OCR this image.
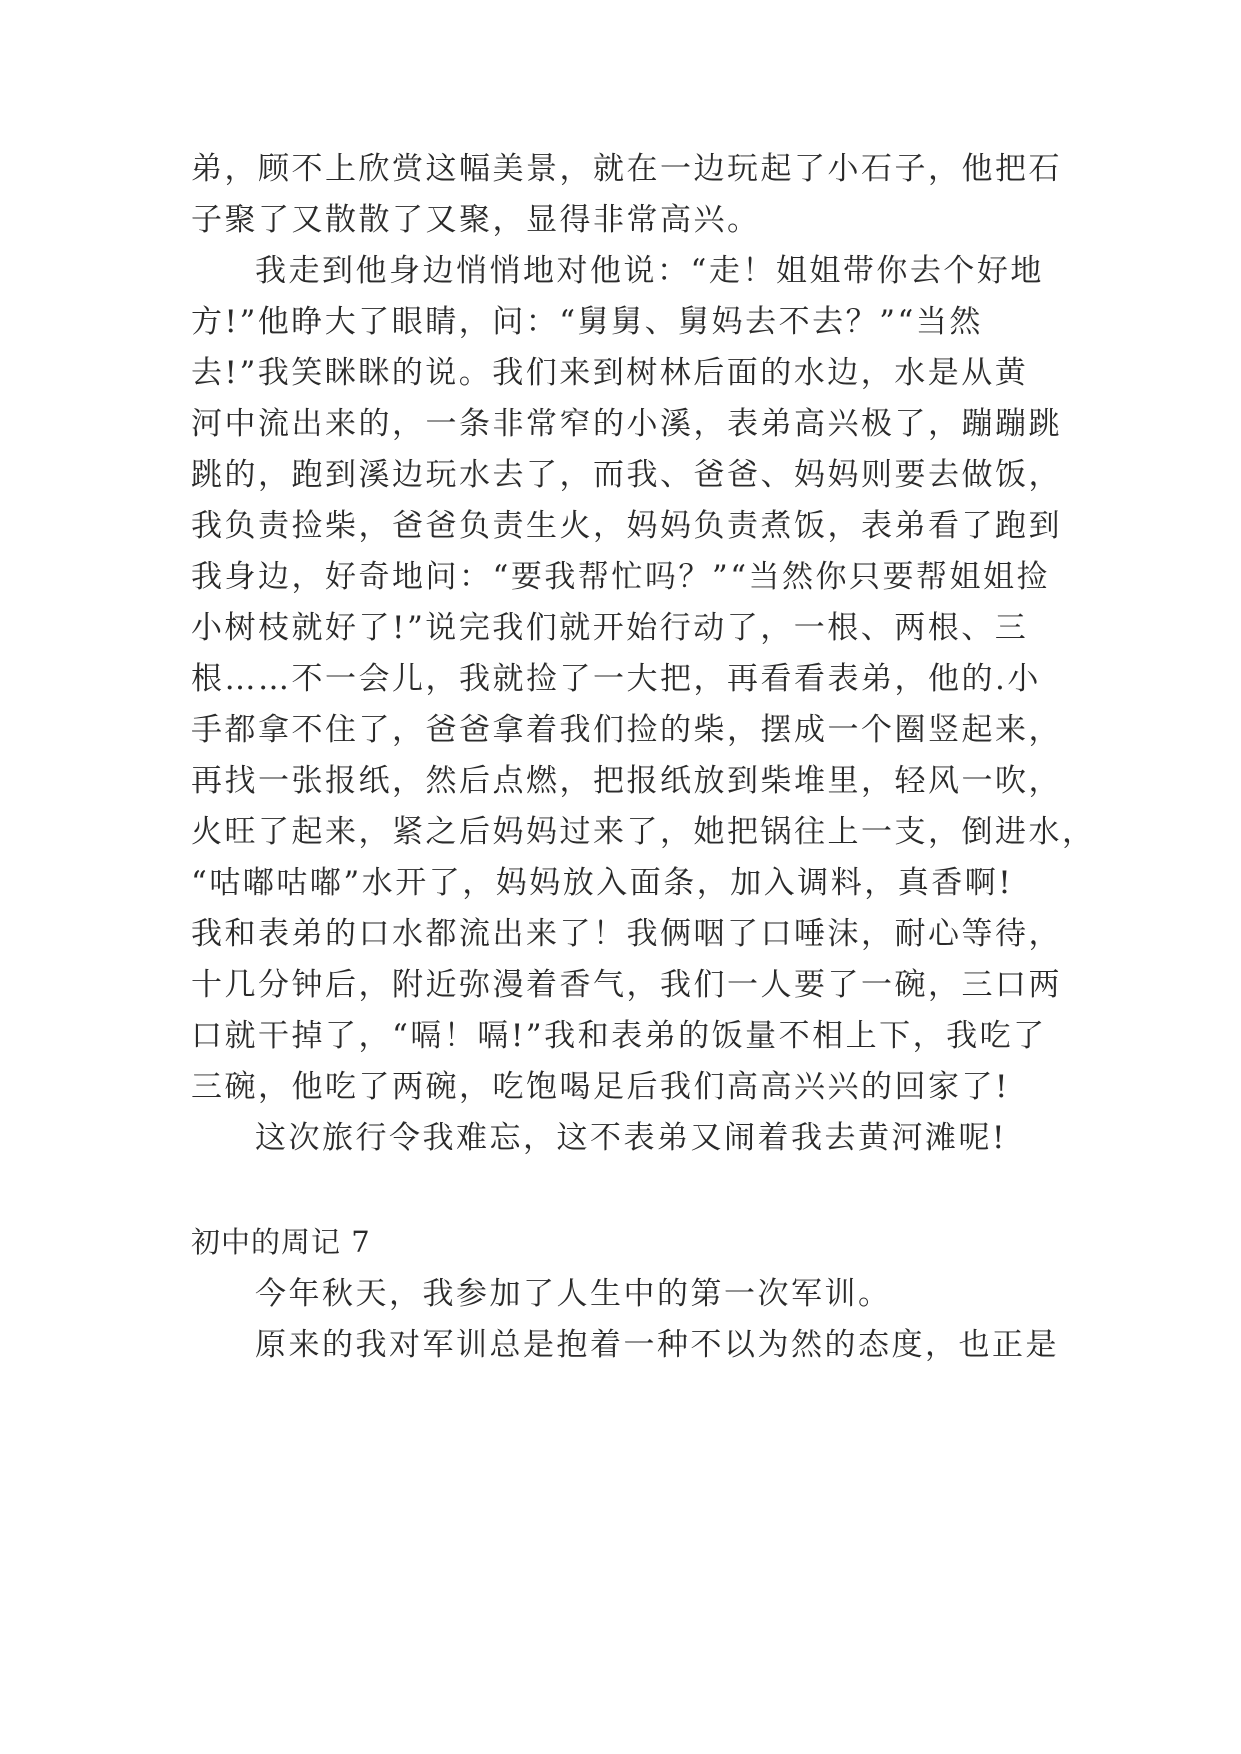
弟，顾不上欣赏这幅美景，就在一边玩起了小石子，他把石
子聚了又散散了又聚，显得非常高兴。
我走到他身边悄悄地对他说：“走！姐姐带你去个好地
方!”他睁大了眼睛，问：“舅舅、舅妈去不去？”“当然
去!”我笑眯眯的说。我们来到树林后面的水边，水是从黄
河中流出来的，一条非常窄的小溪，表弟高兴极了，蹦蹦跳
跳的，跑到溪边玩水去了，而我、爸爸、妈妈则要去做饭，
我负责捡柴，爸爸负责生火，妈妈负责煮饭，表弟看了跑到
我身边，好奇地问：“要我帮忙吗？”“当然你只要帮姐姐捡
小树枝就好了!”说完我们就开始行动了，一根、两根、三
根……不一会儿，我就捡了一大把，再看看表弟，他的.小
手都拿不住了，爸爸拿着我们捡的柴，摆成一个圈竖起来，
再找一张报纸，然后点燃，把报纸放到柴堆里，轻风一吹，
火旺了起来，紧之后妈妈过来了，她把锅往上一支，倒进水，
“咕嘟咕嘟”水开了，妈妈放入面条，加入调料，真香啊!
我和表弟的口水都流出来了！我俩咽了口唾沫，耐心等待，
十几分钟后，附近弥漫着香气，我们一人要了一碗，三口两
口就干掉了，“嗝！嗝!”我和表弟的饭量不相上下，我吃了
三碗，他吃了两碗，吃饱喝足后我们高高兴兴的回家了!
这次旅行令我难忘，这不表弟又闹着我去黄河滩呢!
初中的周记 7
今年秋天，我参加了人生中的第一次军训。
原来的我对军训总是抱着一种不以为然的态度，也正是
